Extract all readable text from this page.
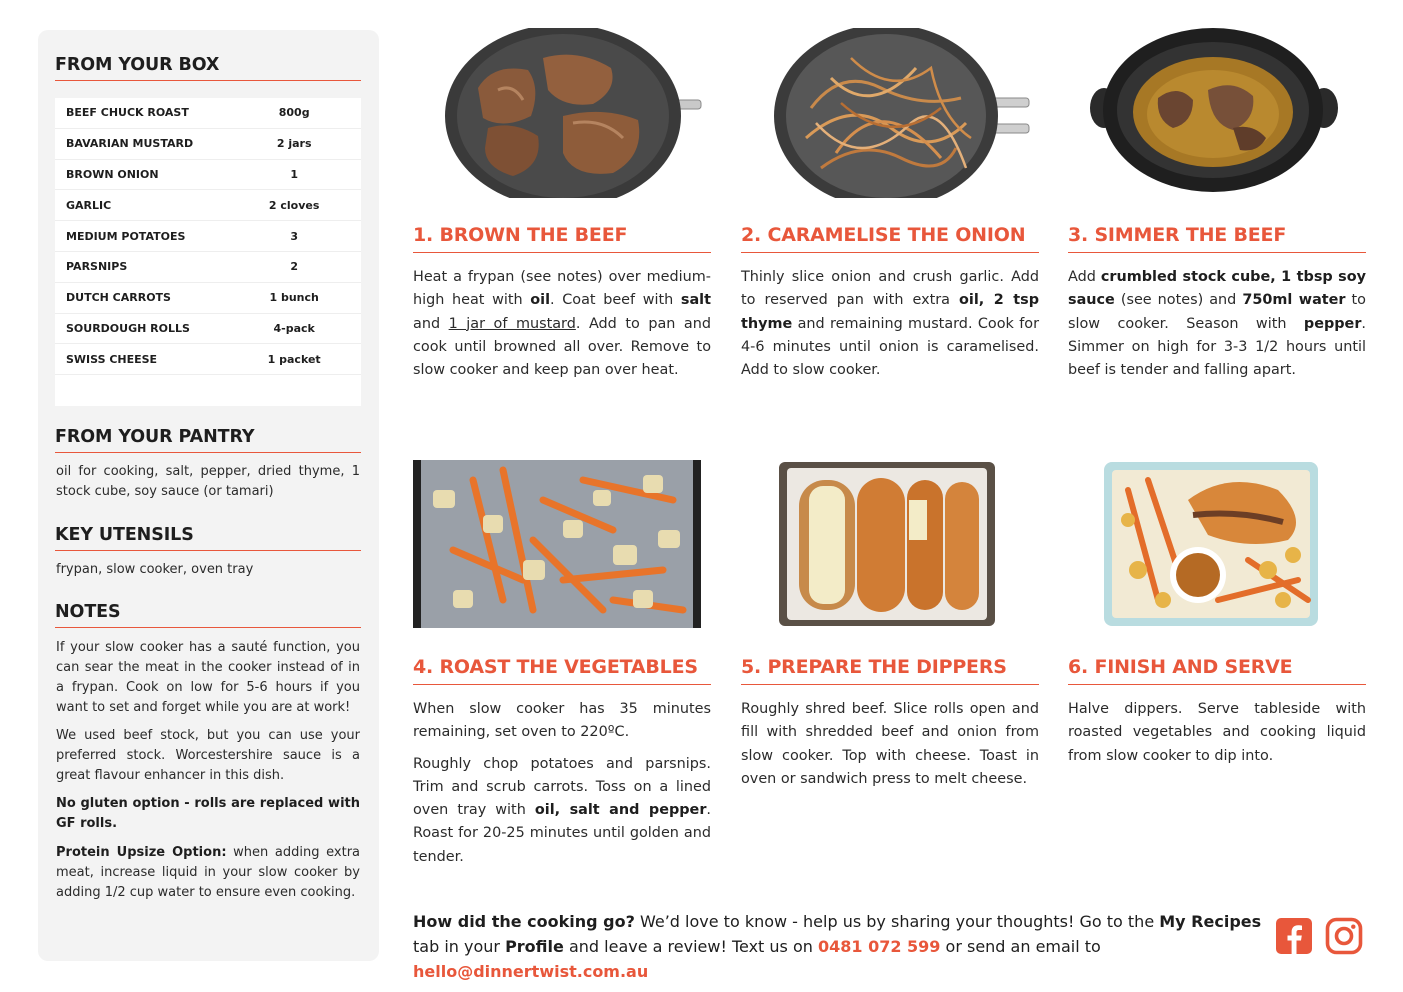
FROM YOUR BOX
BEEF CHUCK ROAST	800g
BAVARIAN MUSTARD	2 jars
BROWN ONION	1
GARLIC	2 cloves
MEDIUM POTATOES	3
PARSNIPS	2
DUTCH CARROTS	1 bunch
SOURDOUGH ROLLS	4-pack
SWISS CHEESE	1 packet
FROM YOUR PANTRY
oil for cooking, salt, pepper, dried thyme, 1 stock cube, soy sauce (or tamari)
KEY UTENSILS
frypan, slow cooker, oven tray
NOTES
If your slow cooker has a sauté function, you can sear the meat in the cooker instead of in a frypan. Cook on low for 5-6 hours if you want to set and forget while you are at work!
We used beef stock, but you can use your preferred stock. Worcestershire sauce is a great flavour enhancer in this dish.
No gluten option - rolls are replaced with GF rolls.
Protein Upsize Option: when adding extra meat, increase liquid in your slow cooker by adding 1/2 cup water to ensure even cooking.
1. BROWN THE BEEF
Heat a frypan (see notes) over medium-high heat with oil. Coat beef with salt and 1 jar of mustard. Add to pan and cook until browned all over. Remove to slow cooker and keep pan over heat.
2. CARAMELISE THE ONION
Thinly slice onion and crush garlic. Add to reserved pan with extra oil, 2 tsp thyme and remaining mustard. Cook for 4-6 minutes until onion is caramelised. Add to slow cooker.
3. SIMMER THE BEEF
Add crumbled stock cube, 1 tbsp soy sauce (see notes) and 750ml water to slow cooker. Season with pepper. Simmer on high for 3-3 1/2 hours until beef is tender and falling apart.
4. ROAST THE VEGETABLES

When slow cooker has 35 minutes remaining, set oven to 220ºC.

Roughly chop potatoes and parsnips. Trim and scrub carrots. Toss on a lined oven tray with oil, salt and pepper. Roast for 20-25 minutes until golden and tender.

5. PREPARE THE DIPPERS
Roughly shred beef. Slice rolls open and fill with shredded beef and onion from slow cooker. Top with cheese. Toast in oven or sandwich press to melt cheese.
6. FINISH AND SERVE
Halve dippers. Serve tableside with roasted vegetables and cooking liquid from slow cooker to dip into.
How did the cooking go? We’d love to know - help us by sharing your thoughts! Go to the My Recipes tab in your Profile and leave a review! Text us on 0481 072 599 or send an email to hello@dinnertwist.com.au
